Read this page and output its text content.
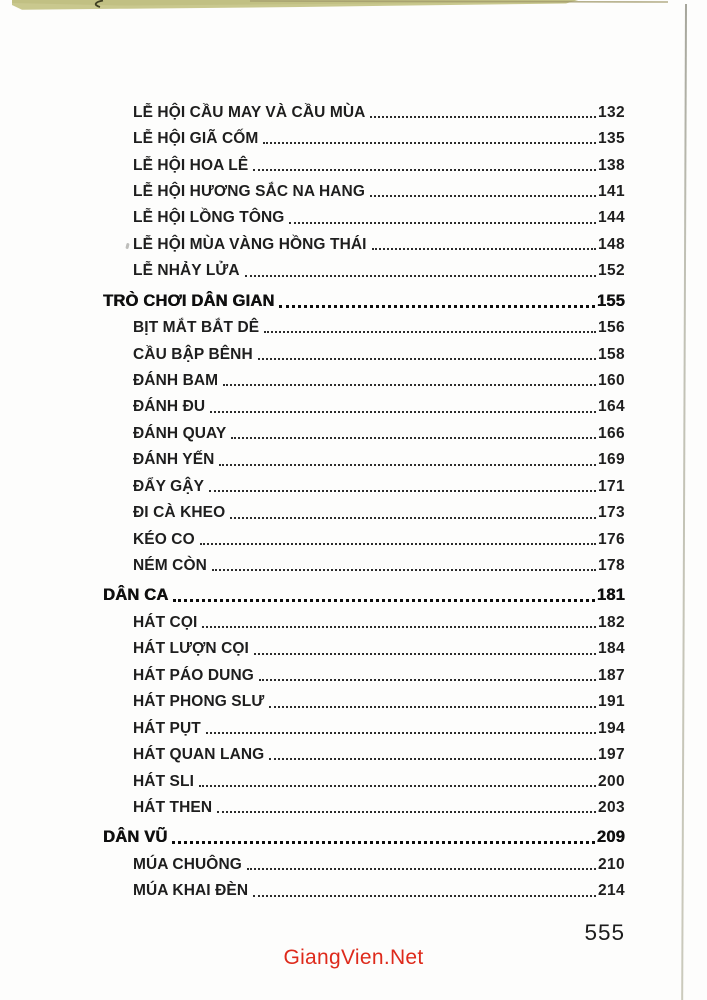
LỄ HỘI CẦU MAY VÀ CẦU MÙA	132
LỄ HỘI GIÃ CỐM	135
LỄ HỘI HOA LÊ	138
LỄ HỘI HƯƠNG SẮC NA HANG	141
LỄ HỘI LỒNG TÔNG	144
LỄ HỘI MÙA VÀNG HỒNG THÁI	148
LỄ NHẢY LỬA	152
TRÒ CHƠI DÂN GIAN	155
BỊT MẮT BẮT DÊ	156
CẦU BẬP BÊNH	158
ĐÁNH BAM	160
ĐÁNH ĐU	164
ĐÁNH QUAY	166
ĐÁNH YẾN	169
ĐẨY GẬY	171
ĐI CÀ KHEO	173
KÉO CO	176
NÉM CÒN	178
DÂN CA	181
HÁT CỌI	182
HÁT LƯỢN CỌI	184
HÁT PÁO DUNG	187
HÁT PHONG SLƯ	191
HÁT PỤT	194
HÁT QUAN LANG	197
HÁT SLI	200
HÁT THEN	203
DÂN VŨ	209
MÚA CHUÔNG	210
MÚA KHAI ĐÈN	214
555
GiangVien.Net
